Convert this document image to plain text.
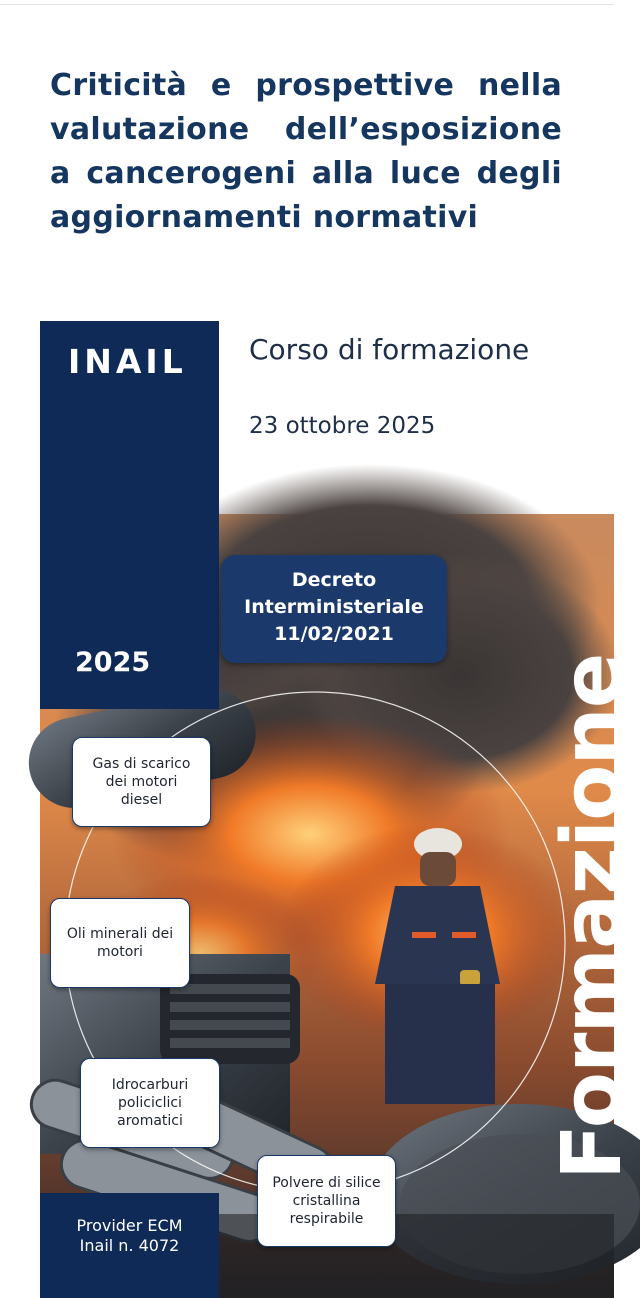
Criticità e prospettive nella valutazione dell’esposizione a cancerogeni alla luce degli aggiornamenti normativi
INAIL
2025
Corso di formazione
23 ottobre 2025
Decreto
Interministeriale
11/02/2021
Gas di scarico
dei motori
diesel
Oli minerali dei
motori
Idrocarburi
policiclici
aromatici
Polvere di silice
cristallina
respirabile
Formazione
Provider ECM
Inail n. 4072
